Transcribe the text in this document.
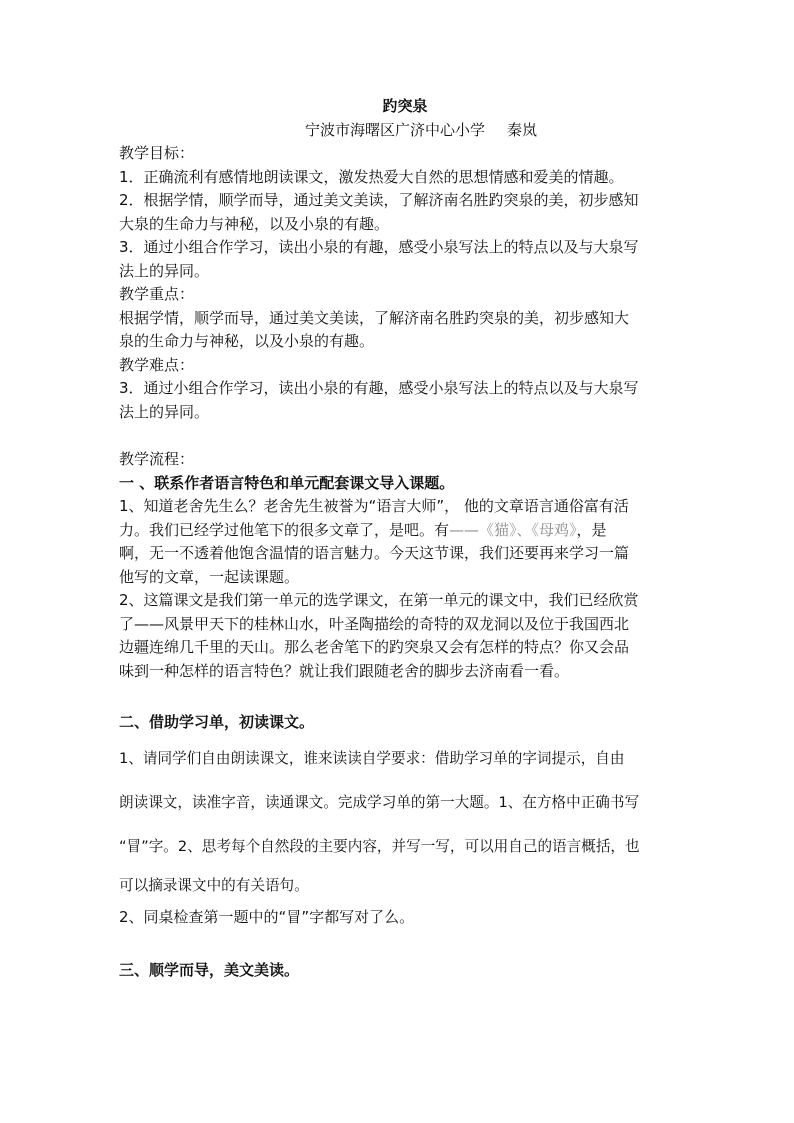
趵突泉

宁波市海曙区广济中心小学 秦岚

教学目标：

1．正确流利有感情地朗读课文，激发热爱大自然的思想情感和爱美的情趣。

2．根据学情，顺学而导，通过美文美读，了解济南名胜趵突泉的美，初步感知

大泉的生命力与神秘，以及小泉的有趣。

3．通过小组合作学习，读出小泉的有趣，感受小泉写法上的特点以及与大泉写

法上的异同。

教学重点：

根据学情，顺学而导，通过美文美读，了解济南名胜趵突泉的美，初步感知大

泉的生命力与神秘，以及小泉的有趣。

教学难点：

3．通过小组合作学习，读出小泉的有趣，感受小泉写法上的特点以及与大泉写

法上的异同。

教学流程：

一 、联系作者语言特色和单元配套课文导入课题。

1、知道老舍先生么？老舍先生被誉为“语言大师”， 他的文章语言通俗富有活

力。我们已经学过他笔下的很多文章了，是吧。有——《猫》、《母鸡》，是

啊，无一不透着他饱含温情的语言魅力。今天这节课，我们还要再来学习一篇

他写的文章，一起读课题。

2、这篇课文是我们第一单元的选学课文，在第一单元的课文中，我们已经欣赏

了——风景甲天下的桂林山水，叶圣陶描绘的奇特的双龙洞以及位于我国西北

边疆连绵几千里的天山。那么老舍笔下的趵突泉又会有怎样的特点？你又会品

味到一种怎样的语言特色？就让我们跟随老舍的脚步去济南看一看。

二、借助学习单，初读课文。

1、请同学们自由朗读课文，谁来读读自学要求：借助学习单的字词提示，自由

朗读课文，读准字音，读通课文。完成学习单的第一大题。1、在方格中正确书写

“冒”字。2、思考每个自然段的主要内容，并写一写，可以用自己的语言概括，也

可以摘录课文中的有关语句。

2、同桌检查第一题中的“冒”字都写对了么。

三、顺学而导，美文美读。
